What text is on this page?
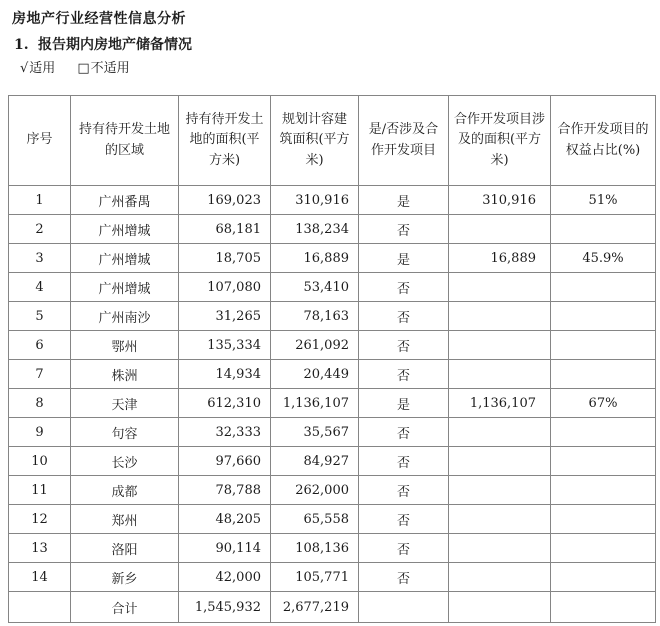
房地产行业经营性信息分析
1. 报告期内房地产储备情况
√适用 □不适用
序号	持有待开发土地的区域	持有待开发土地的面积(平方米)	规划计容建筑面积(平方米)	是/否涉及合作开发项目	合作开发项目涉及的面积(平方米)	合作开发项目的权益占比(%)
1	广州番禺	169,023	310,916	是	310,916	51%
2	广州增城	68,181	138,234	否		
3	广州增城	18,705	16,889	是	16,889	45.9%
4	广州增城	107,080	53,410	否		
5	广州南沙	31,265	78,163	否		
6	鄂州	135,334	261,092	否		
7	株洲	14,934	20,449	否		
8	天津	612,310	1,136,107	是	1,136,107	67%
9	句容	32,333	35,567	否		
10	长沙	97,660	84,927	否		
11	成都	78,788	262,000	否		
12	郑州	48,205	65,558	否		
13	洛阳	90,114	108,136	否		
14	新乡	42,000	105,771	否		
	合计	1,545,932	2,677,219			
